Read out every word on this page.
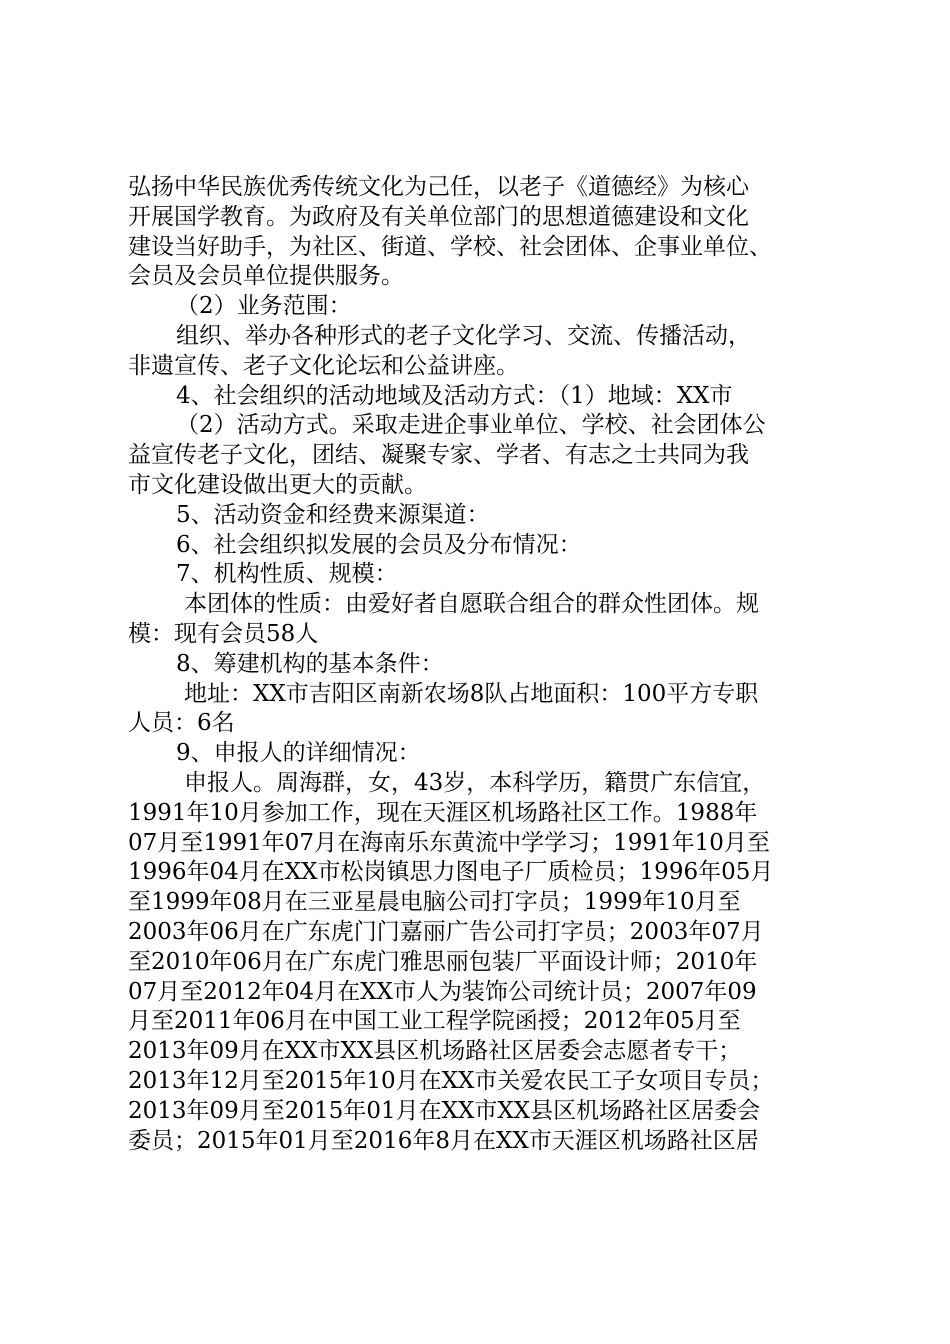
弘扬中华民族优秀传统文化为己任，以老子《道德经》为核心
开展国学教育。为政府及有关单位部门的思想道德建设和文化
建设当好助手，为社区、街道、学校、社会团体、企事业单位、
会员及会员单位提供服务。
（2）业务范围：
组织、举办各种形式的老子文化学习、交流、传播活动，
非遗宣传、老子文化论坛和公益讲座。
4、社会组织的活动地域及活动方式：（1）地域：XX市
（2）活动方式。采取走进企事业单位、学校、社会团体公
益宣传老子文化，团结、凝聚专家、学者、有志之士共同为我
市文化建设做出更大的贡献。
5、活动资金和经费来源渠道：
6、社会组织拟发展的会员及分布情况：
7、机构性质、规模：
本团体的性质：由爱好者自愿联合组合的群众性团体。规
模：现有会员58人
8、筹建机构的基本条件：
地址：XX市吉阳区南新农场8队占地面积：100平方专职
人员：6名
9、申报人的详细情况：
申报人。周海群，女，43岁，本科学历，籍贯广东信宜，
1991年10月参加工作，现在天涯区机场路社区工作。1988年
07月至1991年07月在海南乐东黄流中学学习；1991年10月至
1996年04月在XX市松岗镇思力图电子厂质检员；1996年05月
至1999年08月在三亚星晨电脑公司打字员；1999年10月至
2003年06月在广东虎门门嘉丽广告公司打字员；2003年07月
至2010年06月在广东虎门雅思丽包装厂平面设计师；2010年
07月至2012年04月在XX市人为装饰公司统计员；2007年09
月至2011年06月在中国工业工程学院函授；2012年05月至
2013年09月在XX市XX县区机场路社区居委会志愿者专干；
2013年12月至2015年10月在XX市关爱农民工子女项目专员；
2013年09月至2015年01月在XX市XX县区机场路社区居委会
委员；2015年01月至2016年8月在XX市天涯区机场路社区居
